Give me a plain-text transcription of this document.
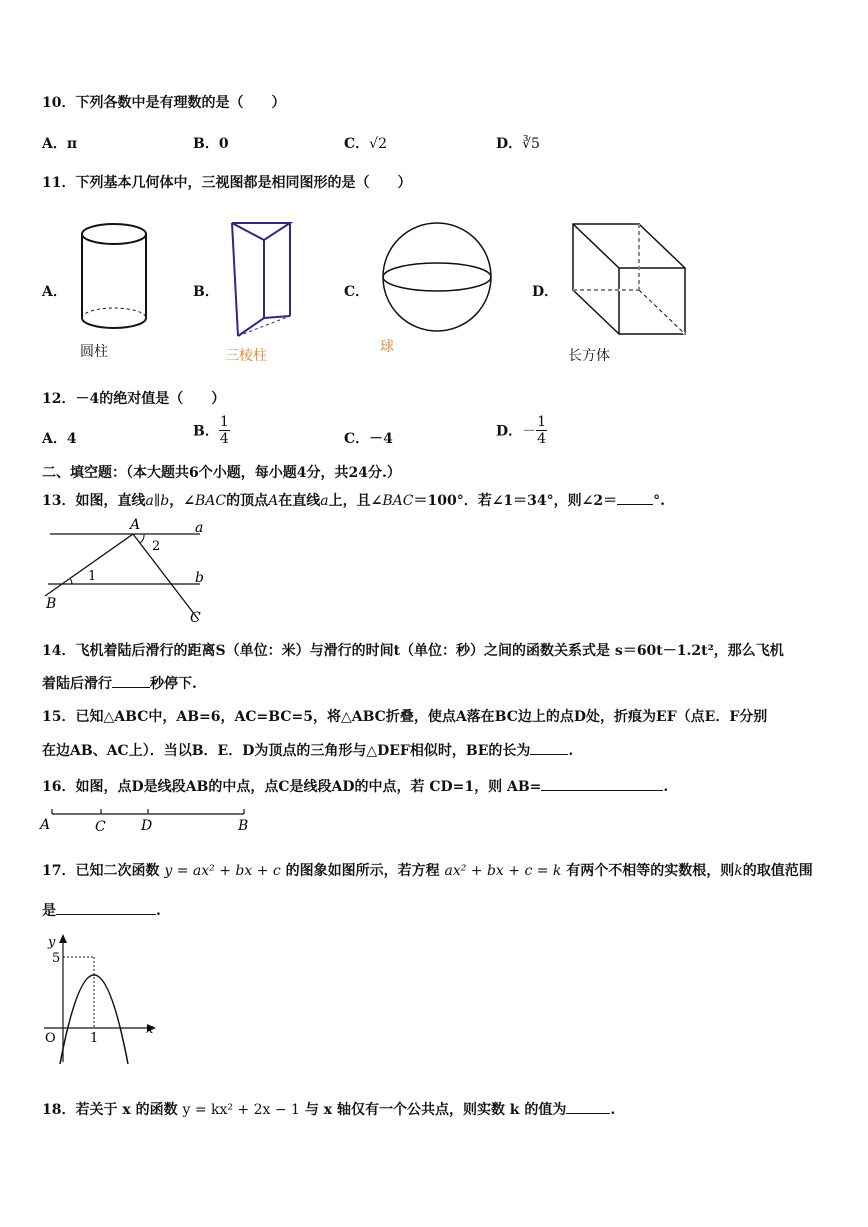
10．下列各数中是有理数的是（　　）
A．π	B．0	C．√2	D．∛5
11．下列基本几何体中，三视图都是相同图形的是（　　）
A．
圆柱
B．
三棱柱
C．
球
D．
长方体
12．－4的绝对值是（　　）
A．4	B． $\frac{1}{4}$	C．－4	D．－ $\frac{1}{4}$
二、填空题：（本大题共6个小题，每小题4分，共24分.）
13．如图，直线a∥b，∠BAC的顶点A在直线a上，且∠BAC＝100°．若∠1＝34°，则∠2＝	°.
A	a
b
B
C
1
2
14．飞机着陆后滑行的距离S（单位：米）与滑行的时间t（单位：秒）之间的函数关系式是 s＝60t－1.2t²，那么飞机
着陆后滑行	秒停下.
15．已知△ABC中，AB=6，AC=BC=5，将△ABC折叠，使点A落在BC边上的点D处，折痕为EF（点E．F分别
在边AB、AC上）．当以B．E．D为顶点的三角形与△DEF相似时，BE的长为	.
16．如图，点D是线段AB的中点，点C是线段AD的中点，若 CD=1，则 AB=	.
A	C	D	B
17．已知二次函数 y = ax² + bx + c 的图象如图所示，若方程 ax² + bx + c = k 有两个不相等的实数根，则k的取值范围
是	.
y
x
O
5
1
18．若关于 x 的函数 y = kx² + 2x − 1 与 x 轴仅有一个公共点，则实数 k 的值为	.
